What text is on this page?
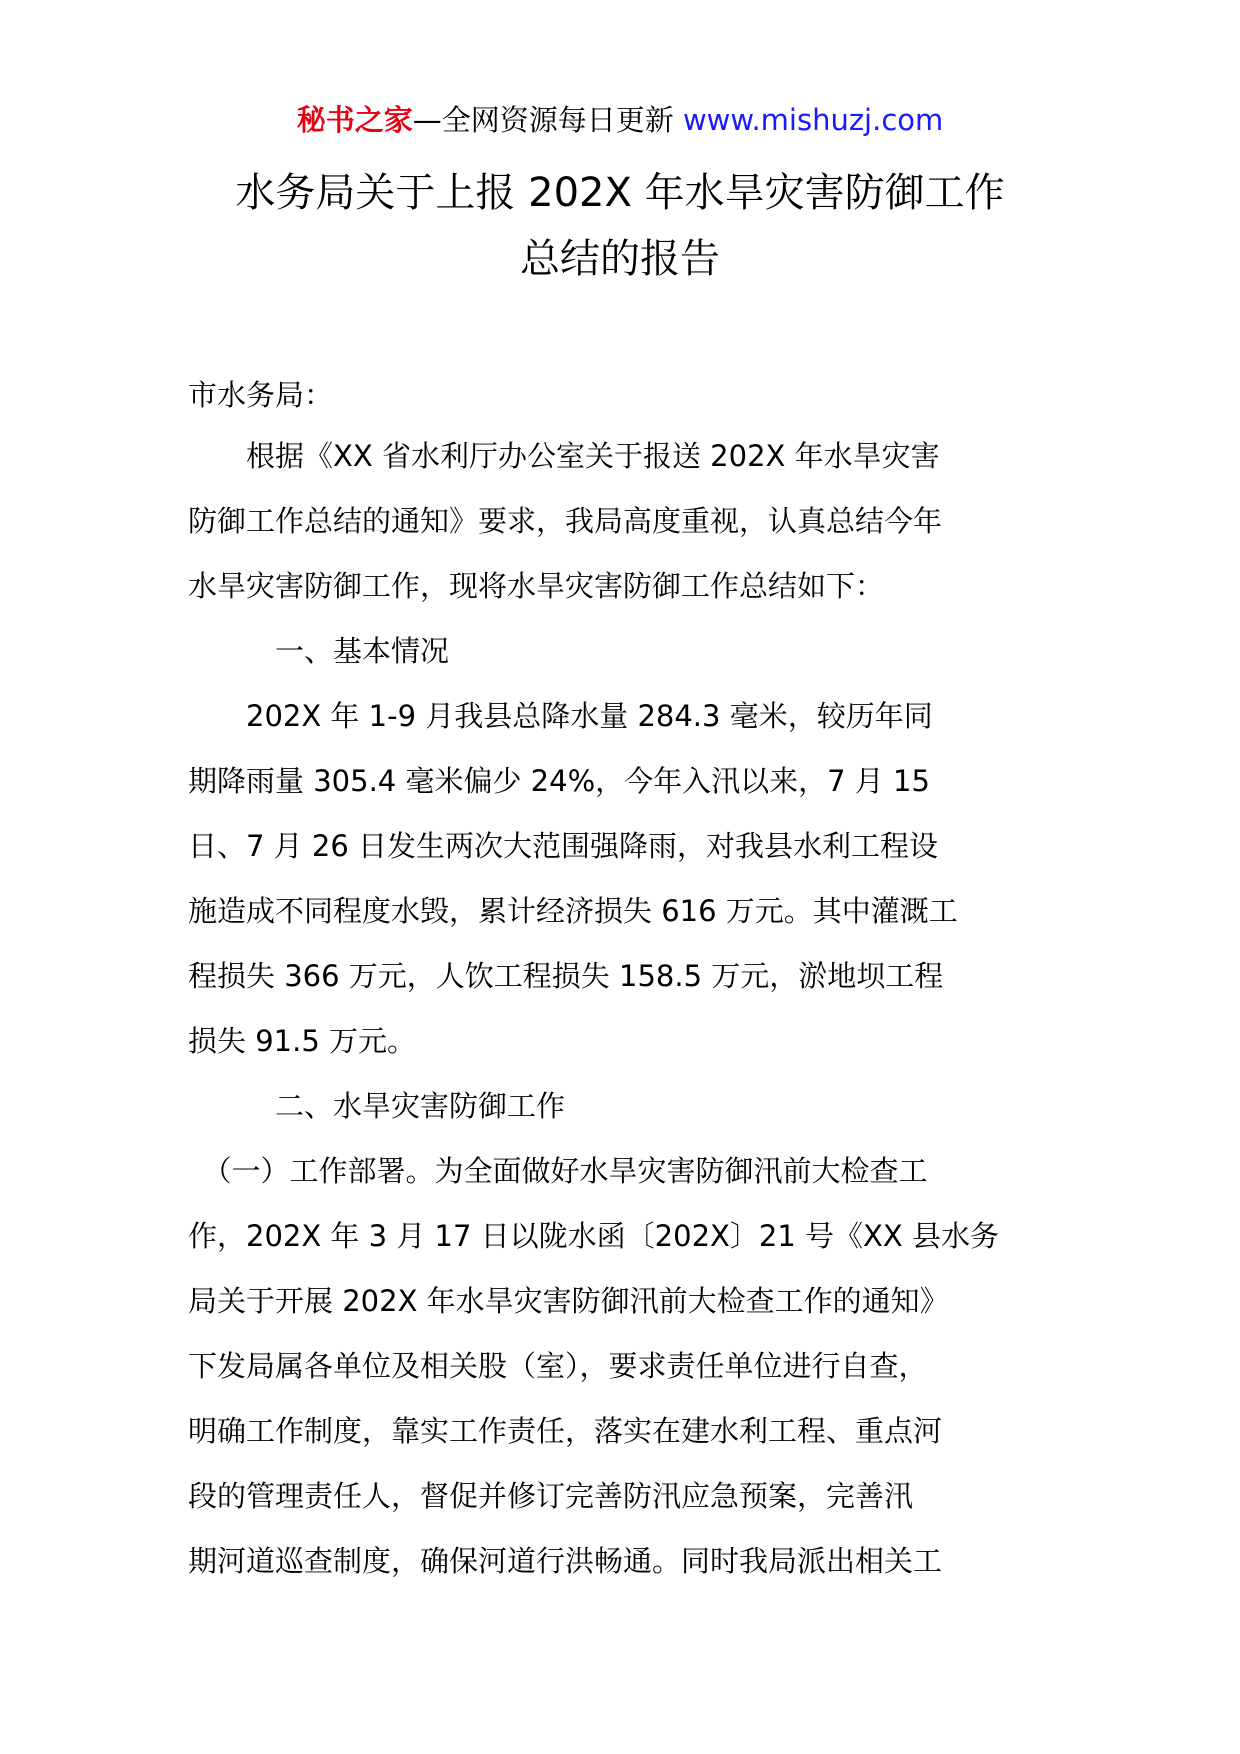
秘书之家—全网资源每日更新 www.mishuzj.com
水务局关于上报 202X 年水旱灾害防御工作
总结的报告
市水务局：
　　根据《XX 省水利厅办公室关于报送 202X 年水旱灾害
防御工作总结的通知》要求，我局高度重视，认真总结今年
水旱灾害防御工作，现将水旱灾害防御工作总结如下：
　　　一、基本情况
　　202X 年 1-9 月我县总降水量 284.3 毫米，较历年同
期降雨量 305.4 毫米偏少 24%，今年入汛以来，7 月 15
日、7 月 26 日发生两次大范围强降雨，对我县水利工程设
施造成不同程度水毁，累计经济损失 616 万元。其中灌溉工
程损失 366 万元，人饮工程损失 158.5 万元，淤地坝工程
损失 91.5 万元。
　　　二、水旱灾害防御工作
　（一）工作部署。为全面做好水旱灾害防御汛前大检查工
作，202X 年 3 月 17 日以陇水函〔202X〕21 号《XX 县水务
局关于开展 202X 年水旱灾害防御汛前大检查工作的通知》
下发局属各单位及相关股（室），要求责任单位进行自查，
明确工作制度，靠实工作责任，落实在建水利工程、重点河
段的管理责任人，督促并修订完善防汛应急预案，完善汛
期河道巡查制度，确保河道行洪畅通。同时我局派出相关工
